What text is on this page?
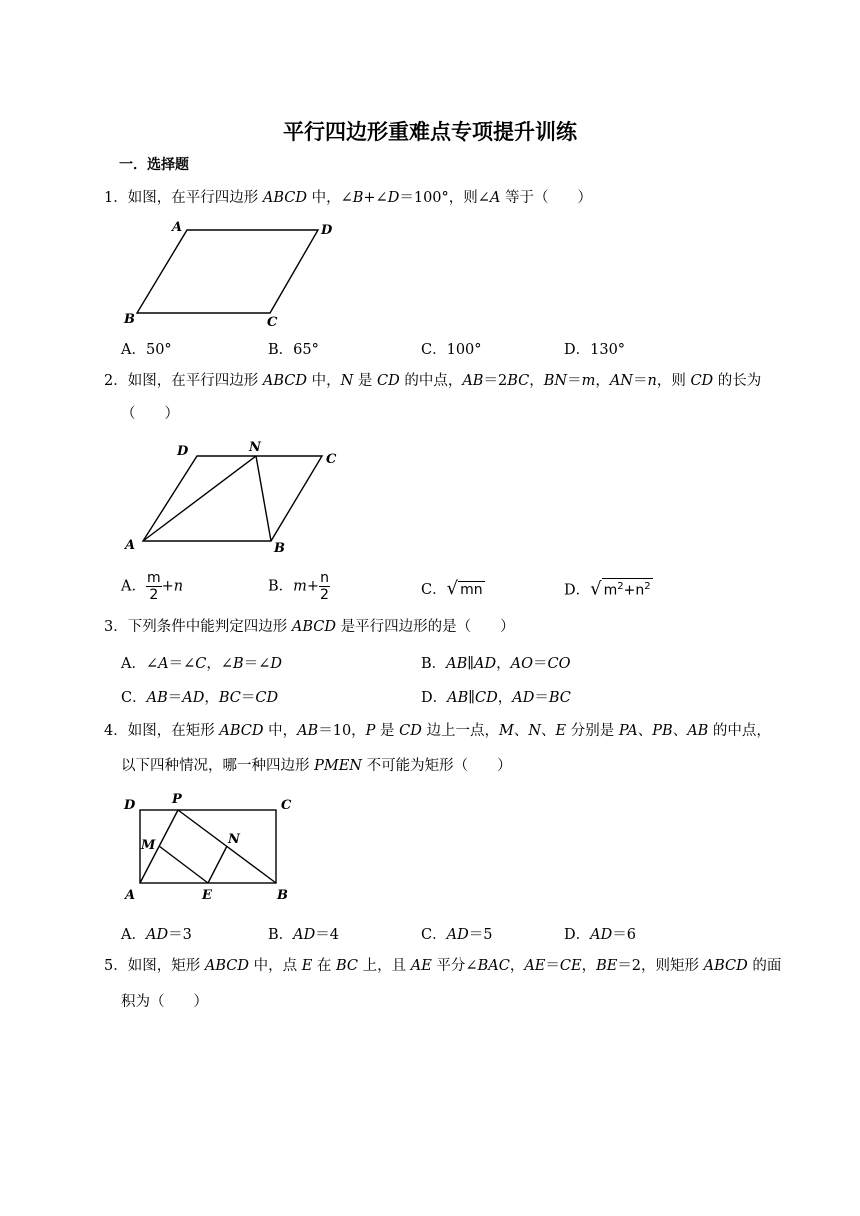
平行四边形重难点专项提升训练
一．选择题
1．如图，在平行四边形 ABCD 中，∠B+∠D＝100°，则∠A 等于（　　）
A	D
B	C
D	N
C
A	B
D	P	C
M	N
A	E	B
A．50°	B．65°	C．100°	D．130°
2．如图，在平行四边形 ABCD 中，N 是 CD 的中点，AB＝2BC，BN＝m，AN＝n，则 CD 的长为
（　　）
A． $\frac{m}{2} +n$	B．$m+ \frac{n}{2}$	C．√ mn	D．√ $m^2+n^2$
3．下列条件中能判定四边形 ABCD 是平行四边形的是（　　）
A．∠A＝∠C，∠B＝∠D	B．AB∥AD，AO＝CO
C．AB＝AD，BC＝CD	D．AB∥CD，AD＝BC
4．如图，在矩形 ABCD 中，AB＝10，P 是 CD 边上一点，M、N、E 分别是 PA、PB、AB 的中点，
以下四种情况，哪一种四边形 PMEN 不可能为矩形（　　）
A．AD＝3	B．AD＝4	C．AD＝5	D．AD＝6
5．如图，矩形 ABCD 中，点 E 在 BC 上，且 AE 平分∠BAC，AE＝CE，BE＝2，则矩形 ABCD 的面
积为（　　）
